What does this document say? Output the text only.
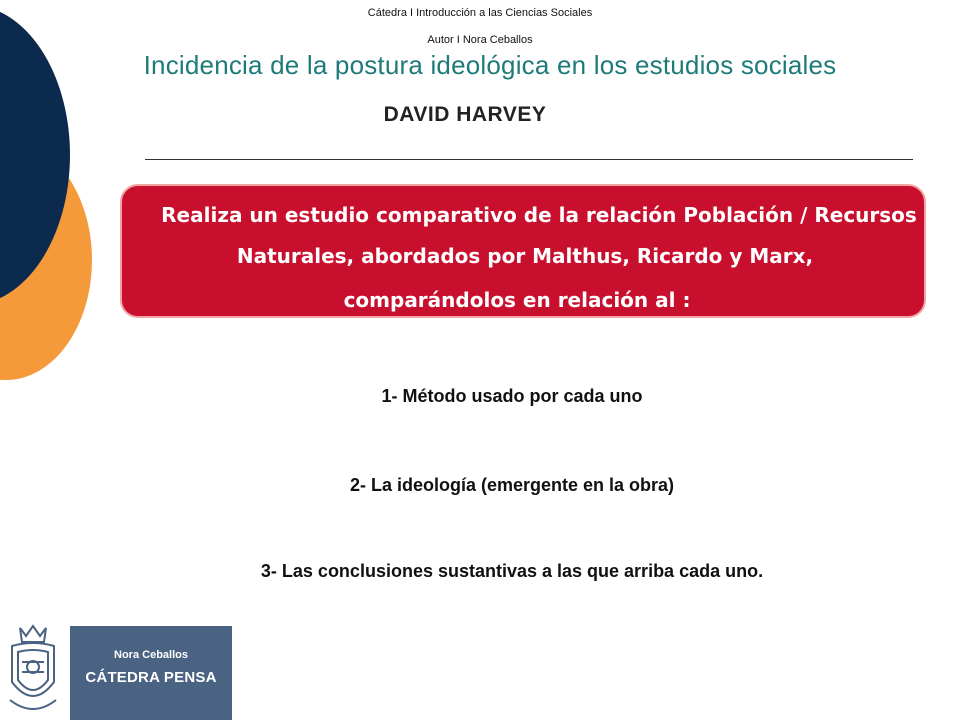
Cátedra I Introducción a las Ciencias Sociales
Autor I Nora Ceballos
Incidencia de la postura ideológica en los estudios sociales
DAVID HARVEY
Realiza un estudio comparativo de la relación Población / Recursos
Naturales, abordados por Malthus, Ricardo y Marx,
comparándolos en relación al :
1- Método usado por cada uno
2- La ideología (emergente en la obra)
3- Las conclusiones sustantivas a las que arriba cada uno.
Nora Ceballos
CÁTEDRA PENSA
